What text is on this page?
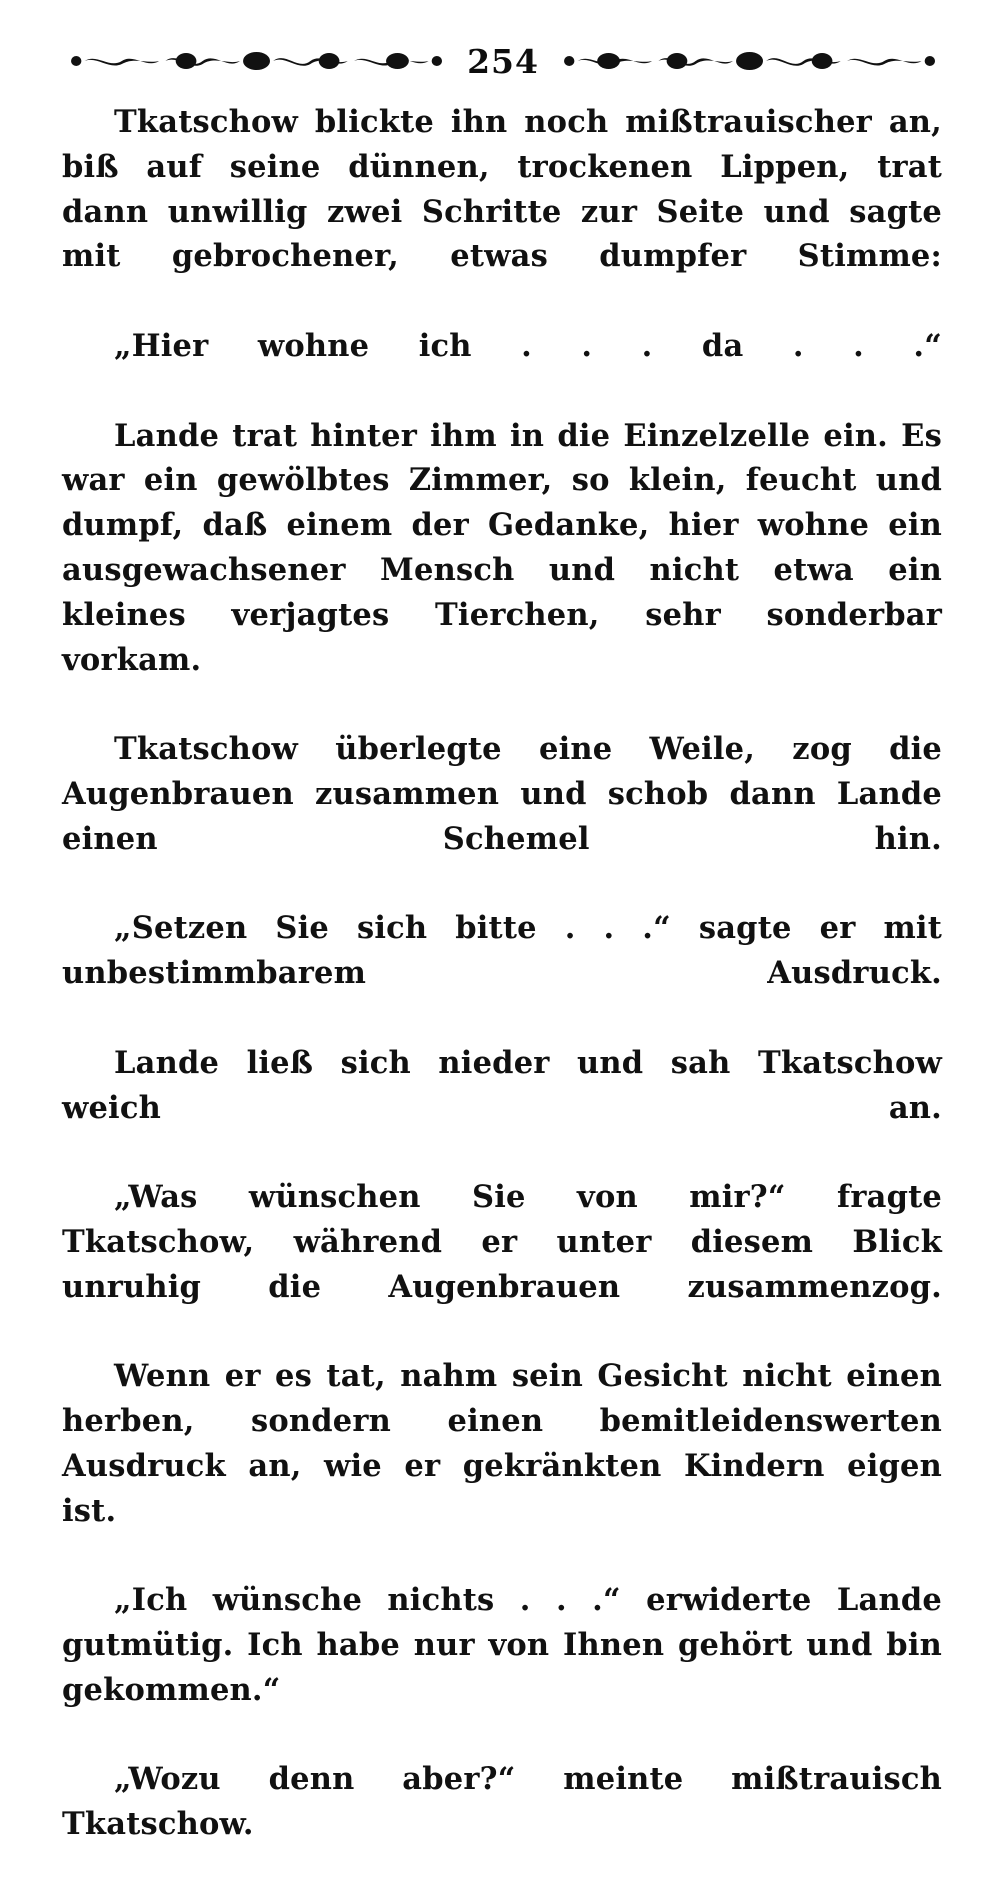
254

Tkatschow blickte ihn noch mißtrauischer an, biß auf seine dünnen, trockenen Lippen, trat dann unwillig zwei Schritte zur Seite und sagte mit gebrochener, etwas dumpfer Stimme:

„Hier wohne ich . . . da . . .“

Lande trat hinter ihm in die Einzelzelle ein. Es war ein gewölbtes Zimmer, so klein, feucht und dumpf, daß einem der Gedanke, hier wohne ein ausgewachsener Mensch und nicht etwa ein kleines verjagtes Tierchen, sehr sonderbar vorkam.

Tkatschow überlegte eine Weile, zog die Augenbrauen zusammen und schob dann Lande einen Schemel hin.

„Setzen Sie sich bitte . . .“ sagte er mit unbestimmbarem Ausdruck.

Lande ließ sich nieder und sah Tkatschow weich an.

„Was wünschen Sie von mir?“ fragte Tkatschow, während er unter diesem Blick unruhig die Augenbrauen zusammenzog.

Wenn er es tat, nahm sein Gesicht nicht einen herben, sondern einen bemitleidenswerten Ausdruck an, wie er gekränkten Kindern eigen ist.

„Ich wünsche nichts . . .“ erwiderte Lande gutmütig. Ich habe nur von Ihnen gehört und bin gekommen.“

„Wozu denn aber?“ meinte mißtrauisch Tkatschow.
